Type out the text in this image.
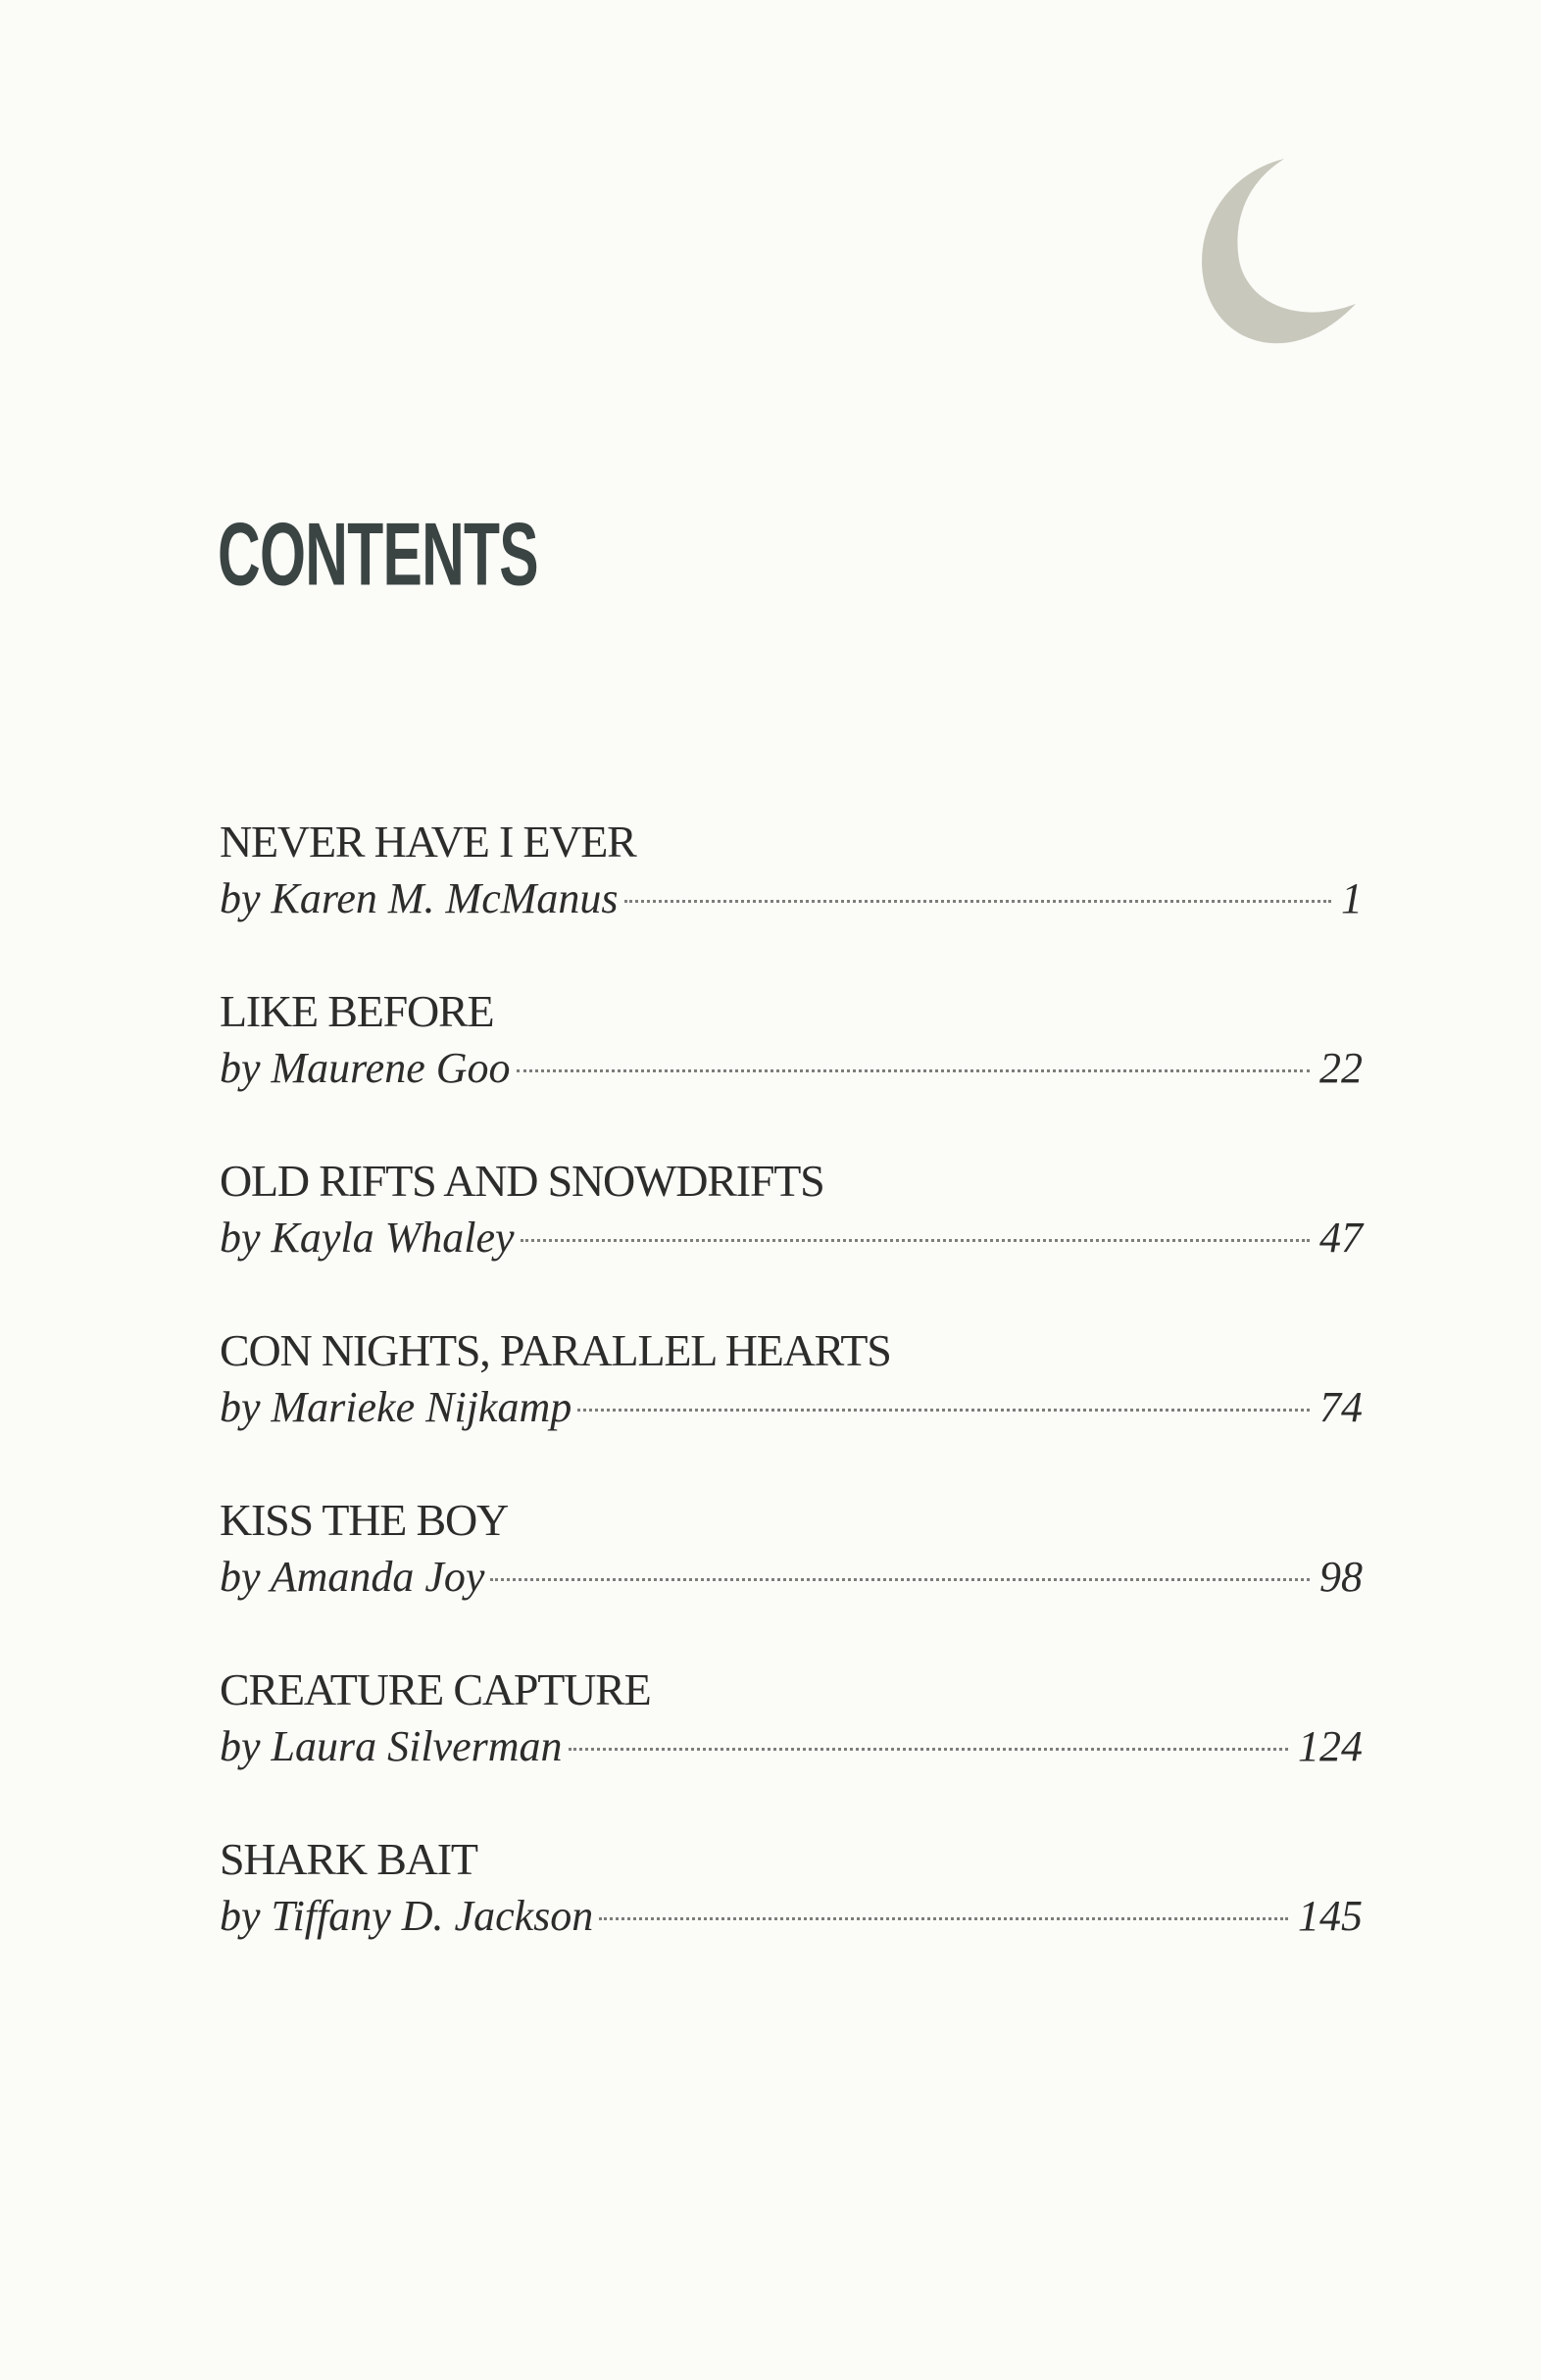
CONTENTS
NEVER HAVE I EVER
by Karen M. McManus	1
LIKE BEFORE
by Maurene Goo	22
OLD RIFTS AND SNOWDRIFTS
by Kayla Whaley	47
CON NIGHTS, PARALLEL HEARTS
by Marieke Nijkamp	74
KISS THE BOY
by Amanda Joy	98
CREATURE CAPTURE
by Laura Silverman	124
SHARK BAIT
by Tiffany D. Jackson	145
